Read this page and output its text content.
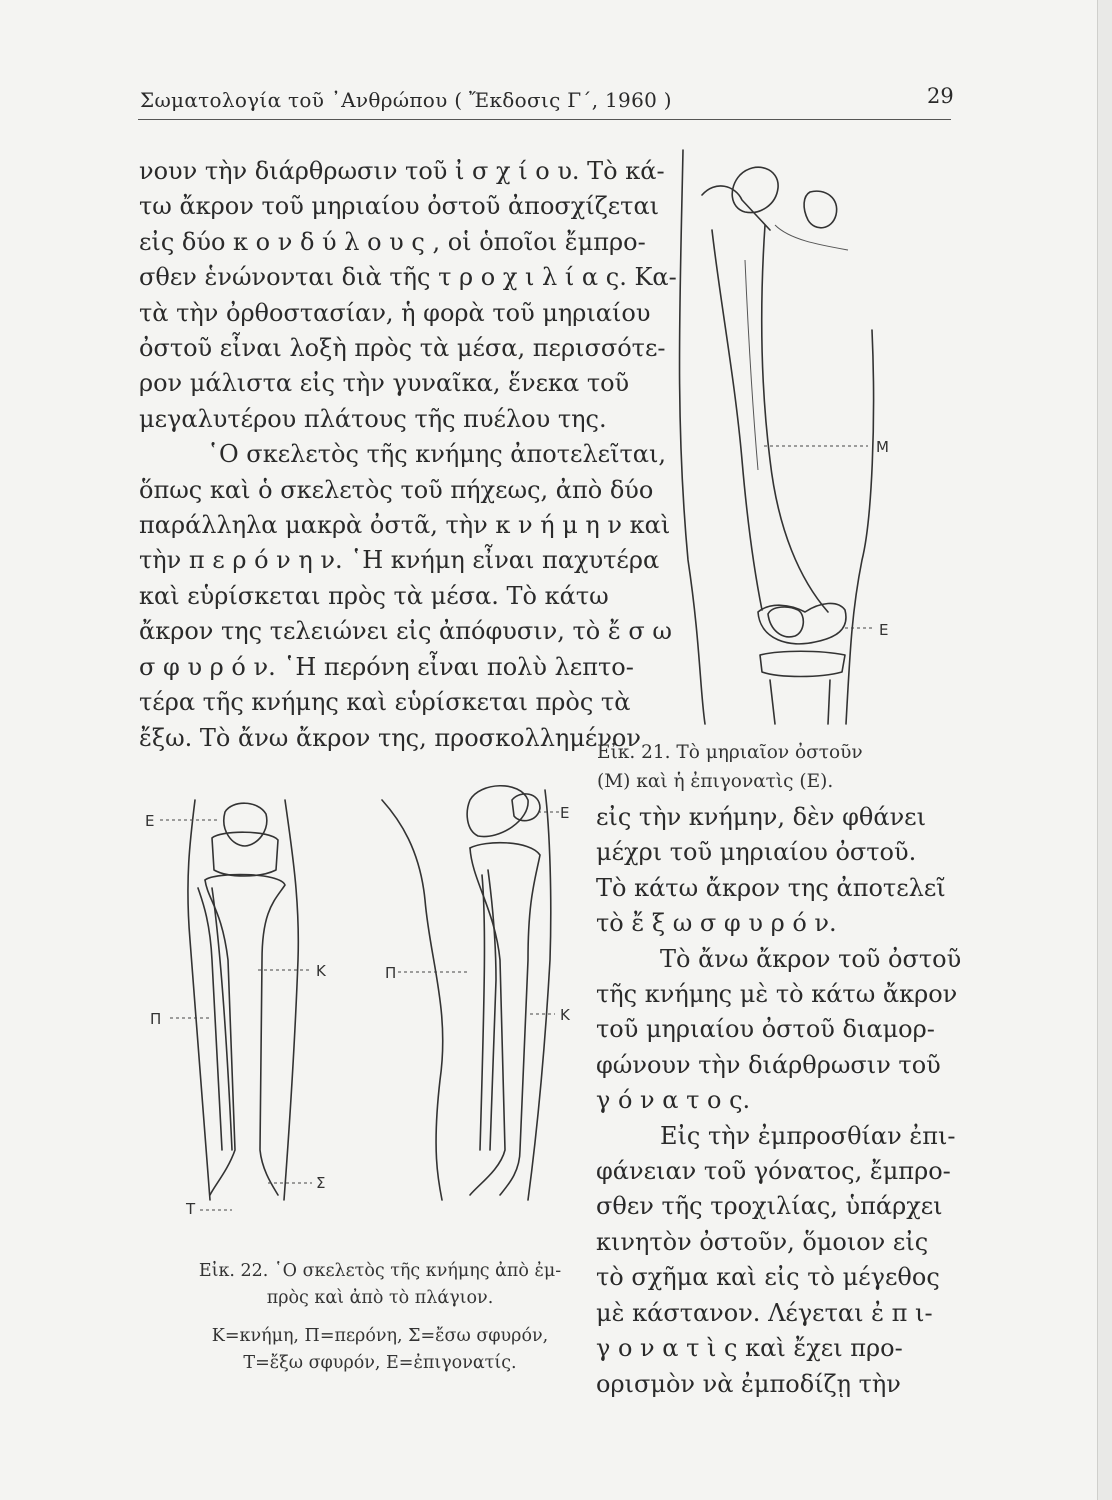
Σωματολογία τοῦ ᾿Ανθρώπου ( Ἔκδοσις Γ΄, 1960 )	29
νουν τὴν διάρθρωσιν τοῦ ἰ σ χ ί ο υ. Τὸ κά-
τω ἄκρον τοῦ μηριαίου ὀστοῦ ἀποσχίζεται
εἰς δύο κ ο ν δ ύ λ ο υ ς , οἱ ὁποῖοι ἔμπρο-
σθεν ἑνώνονται διὰ τῆς τ ρ ο χ ι λ ί α ς. Κα-
τὰ τὴν ὀρθοστασίαν, ἡ φορὰ τοῦ μηριαίου
ὀστοῦ εἶναι λοξὴ πρὸς τὰ μέσα, περισσότε-
ρον μάλιστα εἰς τὴν γυναῖκα, ἕνεκα τοῦ
μεγαλυτέρου πλάτους τῆς πυέλου της.
῾Ο σκελετὸς τῆς κνήμης ἀποτελεῖται,
ὅπως καὶ ὁ σκελετὸς τοῦ πήχεως, ἀπὸ δύο
παράλληλα μακρὰ ὀστᾶ, τὴν κ ν ή μ η ν καὶ
τὴν π ε ρ ό ν η ν. ῾Η κνήμη εἶναι παχυτέρα
καὶ εὑρίσκεται πρὸς τὰ μέσα. Τὸ κάτω
ἄκρον της τελειώνει εἰς ἀπόφυσιν, τὸ ἔ σ ω
σ φ υ ρ ό ν. ῾Η περόνη εἶναι πολὺ λεπτο-
τέρα τῆς κνήμης καὶ εὑρίσκεται πρὸς τὰ
ἔξω. Τὸ ἄνω ἄκρον της, προσκολλημένον
Μ
Ε
Εἰκ. 21. Τὸ μηριαῖον ὀστοῦν
(Μ) καὶ ἡ ἐπιγονατὶς (Ε).
εἰς τὴν κνήμην, δὲν φθάνει
μέχρι τοῦ μηριαίου ὀστοῦ.
Τὸ κάτω ἄκρον της ἀποτελεῖ
τὸ ἔ ξ ω σ φ υ ρ ό ν.
Τὸ ἄνω ἄκρον τοῦ ὀστοῦ
τῆς κνήμης μὲ τὸ κάτω ἄκρον
τοῦ μηριαίου ὀστοῦ διαμορ-
φώνουν τὴν διάρθρωσιν τοῦ
γ ό ν α τ ο ς.
Εἰς τὴν ἐμπροσθίαν ἐπι-
φάνειαν τοῦ γόνατος, ἔμπρο-
σθεν τῆς τροχιλίας, ὑπάρχει
κινητὸν ὀστοῦν, ὅμοιον εἰς
τὸ σχῆμα καὶ εἰς τὸ μέγεθος
μὲ κάστανον. Λέγεται ἐ π ι-
γ ο ν α τ ὶ ς καὶ ἔχει προ-
ορισμὸν νὰ ἐμποδίζῃ τὴν
Ε
Κ
Π
Σ
Τ
Ε
Π
Κ
Εἰκ. 22. ῾Ο σκελετὸς τῆς κνήμης ἀπὸ ἐμ-
πρὸς καὶ ἀπὸ τὸ πλάγιον.
Κ=κνήμη, Π=περόνη, Σ=ἔσω σφυρόν,
Τ=ἔξω σφυρόν, Ε=ἐπιγονατίς.
